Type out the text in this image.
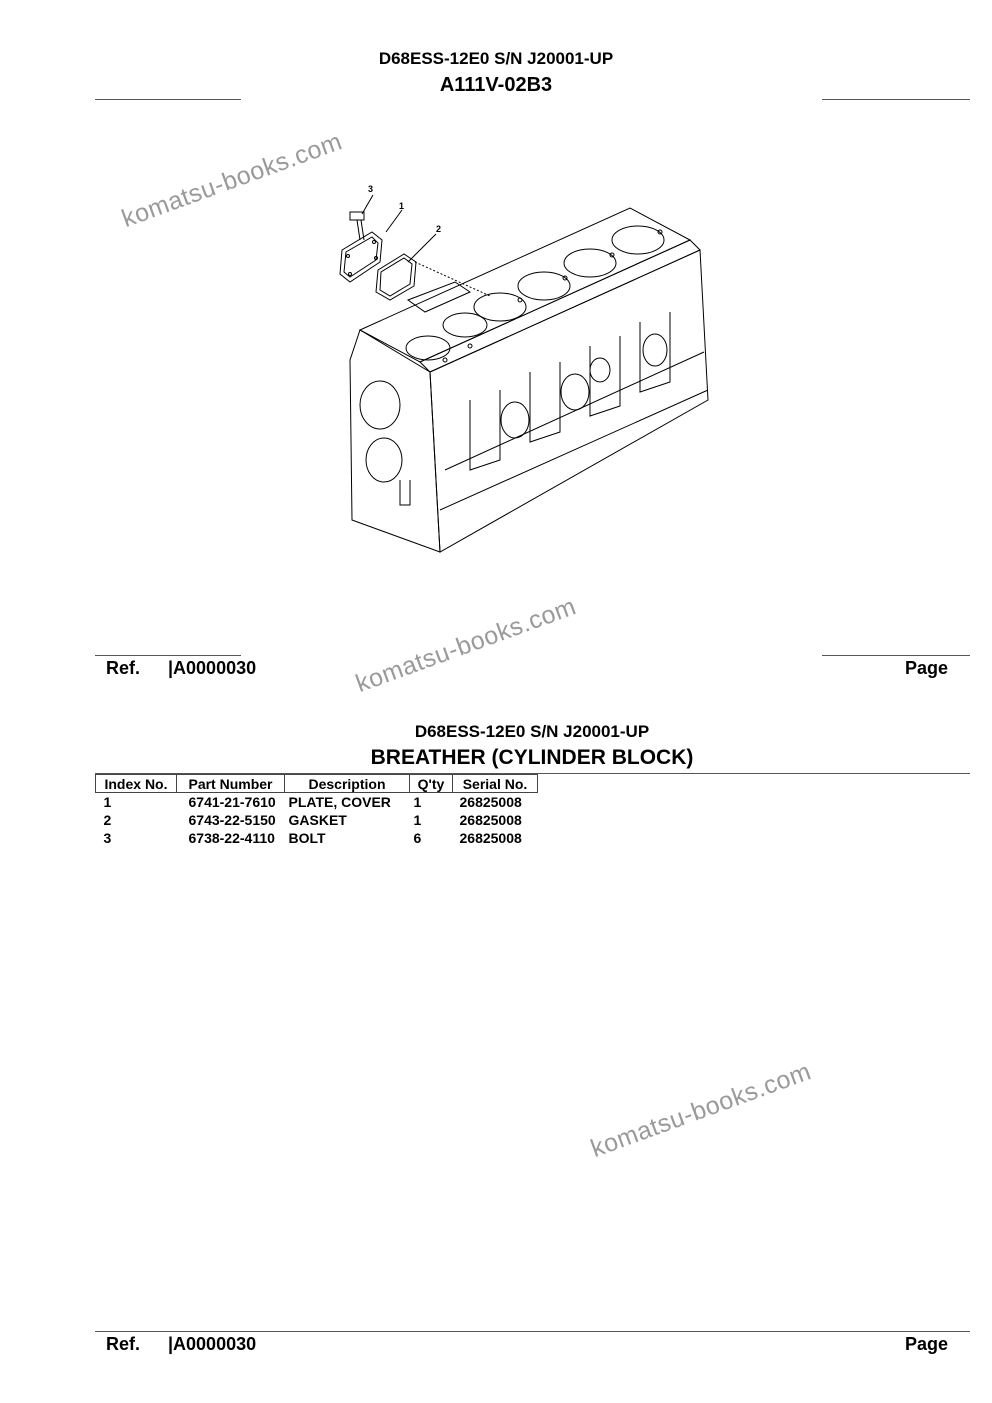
D68ESS-12E0 S/N J20001-UP
A111V-02B3
3
1
2
Ref. |A0000030	Page
D68ESS-12E0 S/N J20001-UP
BREATHER (CYLINDER BLOCK)
Index No.	Part Number	Description	Q'ty	Serial No.
1	6741-21-7610	PLATE, COVER	1	26825008
2	6743-22-5150	GASKET	1	26825008
3	6738-22-4110	BOLT	6	26825008
Ref. |A0000030	Page
komatsu-books.com
komatsu-books.com
komatsu-books.com
